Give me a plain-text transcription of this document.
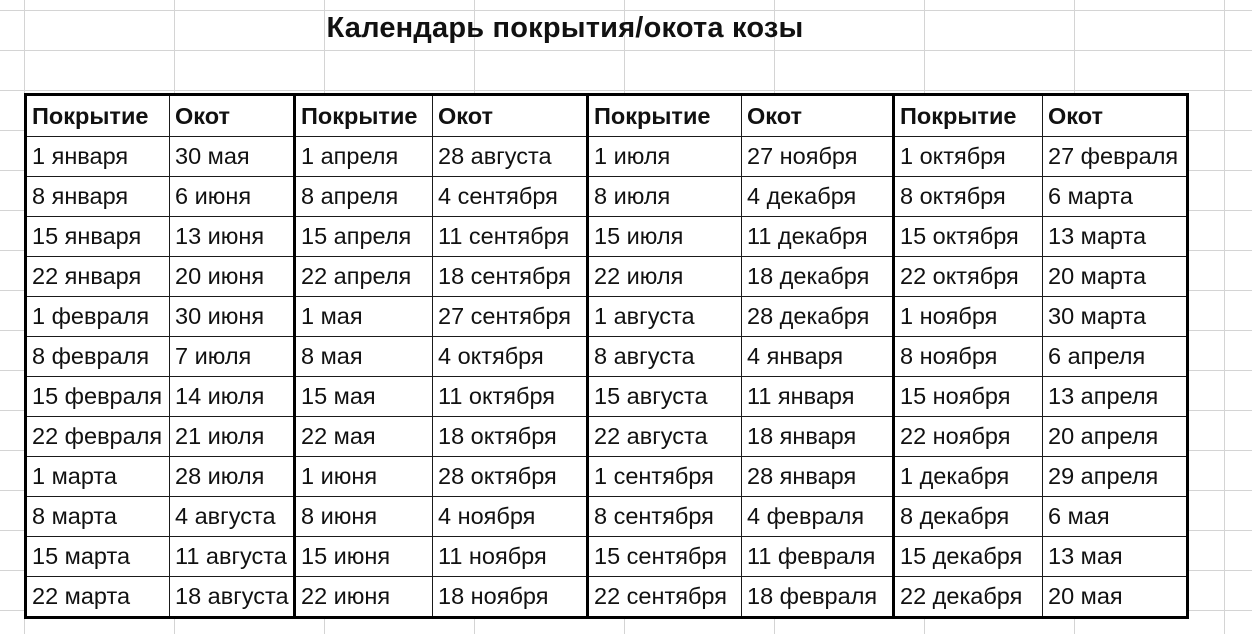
Календарь покрытия/окота козы
Покрытие	Окот	Покрытие	Окот	Покрытие	Окот	Покрытие	Окот
1 января	30 мая	1 апреля	28 августа	1 июля	27 ноября	1 октября	27 февраля
8 января	6 июня	8 апреля	4 сентября	8 июля	4 декабря	8 октября	6 марта
15 января	13 июня	15 апреля	11 сентября	15 июля	11 декабря	15 октября	13 марта
22 января	20 июня	22 апреля	18 сентября	22 июля	18 декабря	22 октября	20 марта
1 февраля	30 июня	1 мая	27 сентября	1 августа	28 декабря	1 ноября	30 марта
8 февраля	7 июля	8 мая	4 октября	8 августа	4 января	8 ноября	6 апреля
15 февраля	14 июля	15 мая	11 октября	15 августа	11 января	15 ноября	13 апреля
22 февраля	21 июля	22 мая	18 октября	22 августа	18 января	22 ноября	20 апреля
1 марта	28 июля	1 июня	28 октября	1 сентября	28 января	1 декабря	29 апреля
8 марта	4 августа	8 июня	4 ноября	8 сентября	4 февраля	8 декабря	6 мая
15 марта	11 августа	15 июня	11 ноября	15 сентября	11 февраля	15 декабря	13 мая
22 марта	18 августа	22 июня	18 ноября	22 сентября	18 февраля	22 декабря	20 мая
